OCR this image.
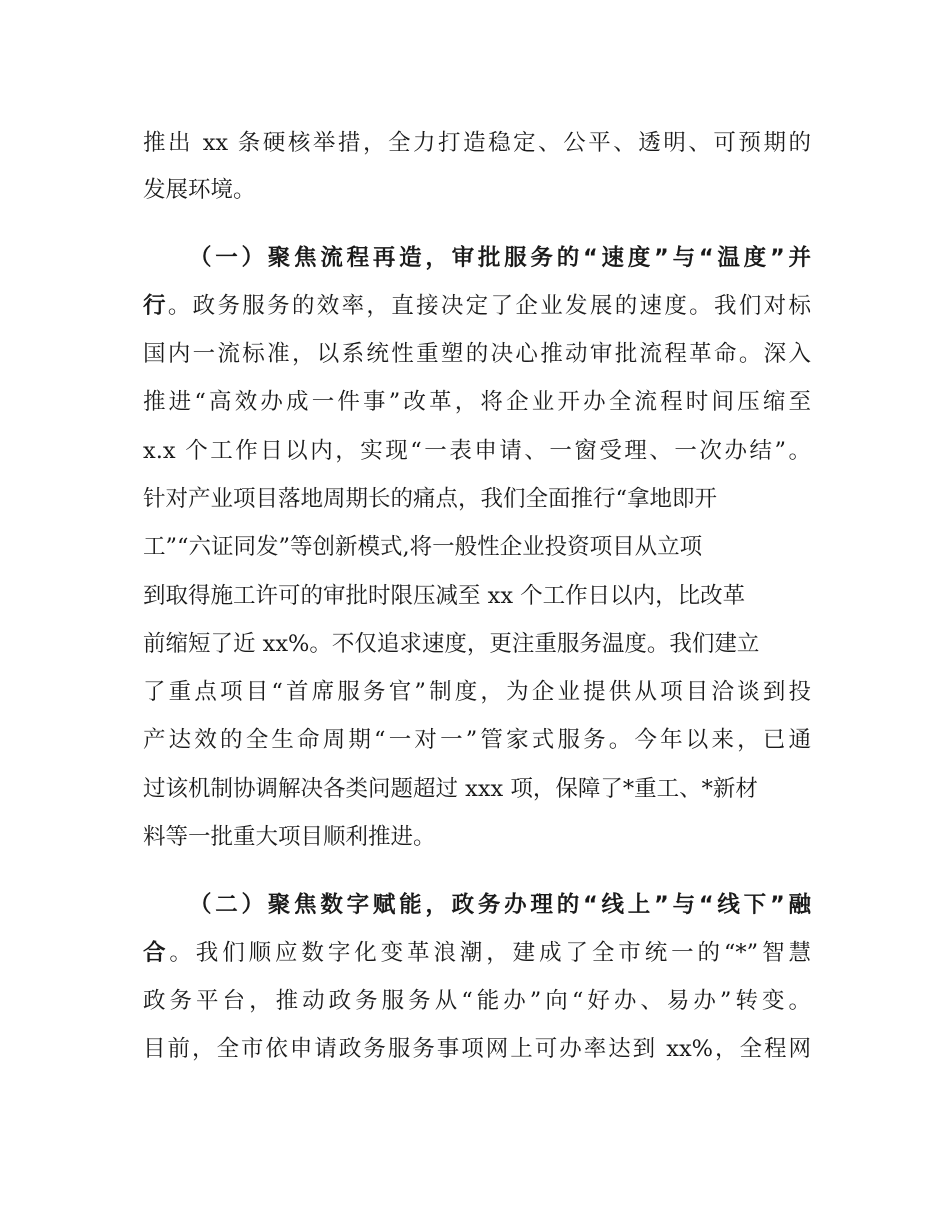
推出 xx 条硬核举措，全力打造稳定、公平、透明、可预期的
发展环境。
（一）聚焦流程再造，审批服务的“速度”与“温度”并
行。政务服务的效率，直接决定了企业发展的速度。我们对标
国内一流标准，以系统性重塑的决心推动审批流程革命。深入
推进“高效办成一件事”改革，将企业开办全流程时间压缩至
x.x 个工作日以内，实现“一表申请、一窗受理、一次办结”。
针对产业项目落地周期长的痛点，我们全面推行“拿地即开
工”“六证同发”等创新模式,将一般性企业投资项目从立项
到取得施工许可的审批时限压减至 xx 个工作日以内，比改革
前缩短了近 xx%。不仅追求速度，更注重服务温度。我们建立
了重点项目“首席服务官”制度，为企业提供从项目洽谈到投
产达效的全生命周期“一对一”管家式服务。今年以来，已通
过该机制协调解决各类问题超过 xxx 项，保障了*重工、*新材
料等一批重大项目顺利推进。
（二）聚焦数字赋能，政务办理的“线上”与“线下”融
合。我们顺应数字化变革浪潮，建成了全市统一的“*”智慧
政务平台，推动政务服务从“能办”向“好办、易办”转变。
目前，全市依申请政务服务事项网上可办率达到 xx%，全程网
